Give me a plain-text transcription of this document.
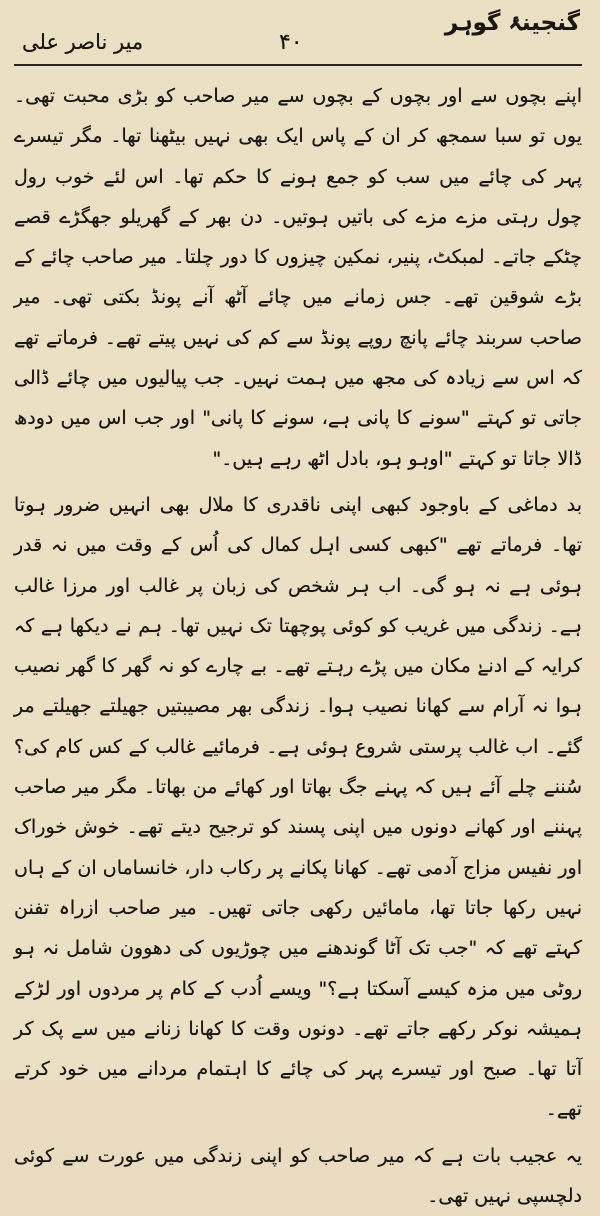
میر ناصر علی	۴۰
گنجینۂ گوہر

اپنے بچوں سے اور بچوں کے بچوں سے میر صاحب کو بڑی محبت تھی۔ یوں تو سبا سمجھ کر ان کے پاس ایک بھی نہیں بیٹھنا تھا۔ مگر تیسرے پہر کی چائے میں سب کو جمع ہونے کا حکم تھا۔ اس لئے خوب رول چول رہتی مزے مزے کی باتیں ہوتیں۔ دن بھر کے گھریلو جھگڑے قصے چٹکے جاتے۔ لمبکٹ، پنیر، نمکین چیزوں کا دور چلتا۔ میر صاحب چائے کے بڑے شوقین تھے۔ جس زمانے میں چائے آٹھ آنے پونڈ بکتی تھی۔ میر صاحب سربند چائے پانچ روپے پونڈ سے کم کی نہیں پیتے تھے۔ فرماتے تھے کہ اس سے زیادہ کی مجھ میں ہمت نہیں۔ جب پیالیوں میں چائے ڈالی جاتی تو کہتے "سونے کا پانی ہے، سونے کا پانی" اور جب اس میں دودھ ڈالا جاتا تو کہتے "اوہو ہو، بادل اٹھ رہے ہیں۔"

بد دماغی کے باوجود کبھی اپنی ناقدری کا ملال بھی انہیں ضرور ہوتا تھا۔ فرماتے تھے "کبھی کسی اہل کمال کی اُس کے وقت میں نہ قدر ہوئی ہے نہ ہو گی۔ اب ہر شخص کی زبان پر غالب اور مرزا غالب ہے۔ زندگی میں غریب کو کوئی پوچھتا تک نہیں تھا۔ ہم نے دیکھا ہے کہ کرایہ کے ادنےٰ مکان میں پڑے رہتے تھے۔ بے چارے کو نہ گھر کا گھر نصیب ہوا نہ آرام سے کھانا نصیب ہوا۔ زندگی بھر مصیبتیں جھیلتے جھیلتے مر گئے۔ اب غالب پرستی شروع ہوئی ہے۔ فرمائیے غالب کے کس کام کی؟ سُننے چلے آئے ہیں کہ پہنے جگ بھاتا اور کھائے من بھاتا۔ مگر میر صاحب پہننے اور کھانے دونوں میں اپنی پسند کو ترجیح دیتے تھے۔ خوش خوراک اور نفیس مزاج آدمی تھے۔ کھانا پکانے پر رکاب دار، خانساماں ان کے ہاں نہیں رکھا جاتا تھا، مامائیں رکھی جاتی تھیں۔ میر صاحب ازراہ تفنن کہتے تھے کہ "جب تک آٹا گوندھنے میں چوڑیوں کی دھوون شامل نہ ہو روٹی میں مزہ کیسے آسکتا ہے؟" ویسے اُدب کے کام پر مردوں اور لڑکے ہمیشہ نوکر رکھے جاتے تھے۔ دونوں وقت کا کھانا زنانے میں سے پک کر آتا تھا۔ صبح اور تیسرے پہر کی چائے کا اہتمام مردانے میں خود کرتے تھے۔

یہ عجیب بات ہے کہ میر صاحب کو اپنی زندگی میں عورت سے کوئی دلچسپی نہیں تھی۔
